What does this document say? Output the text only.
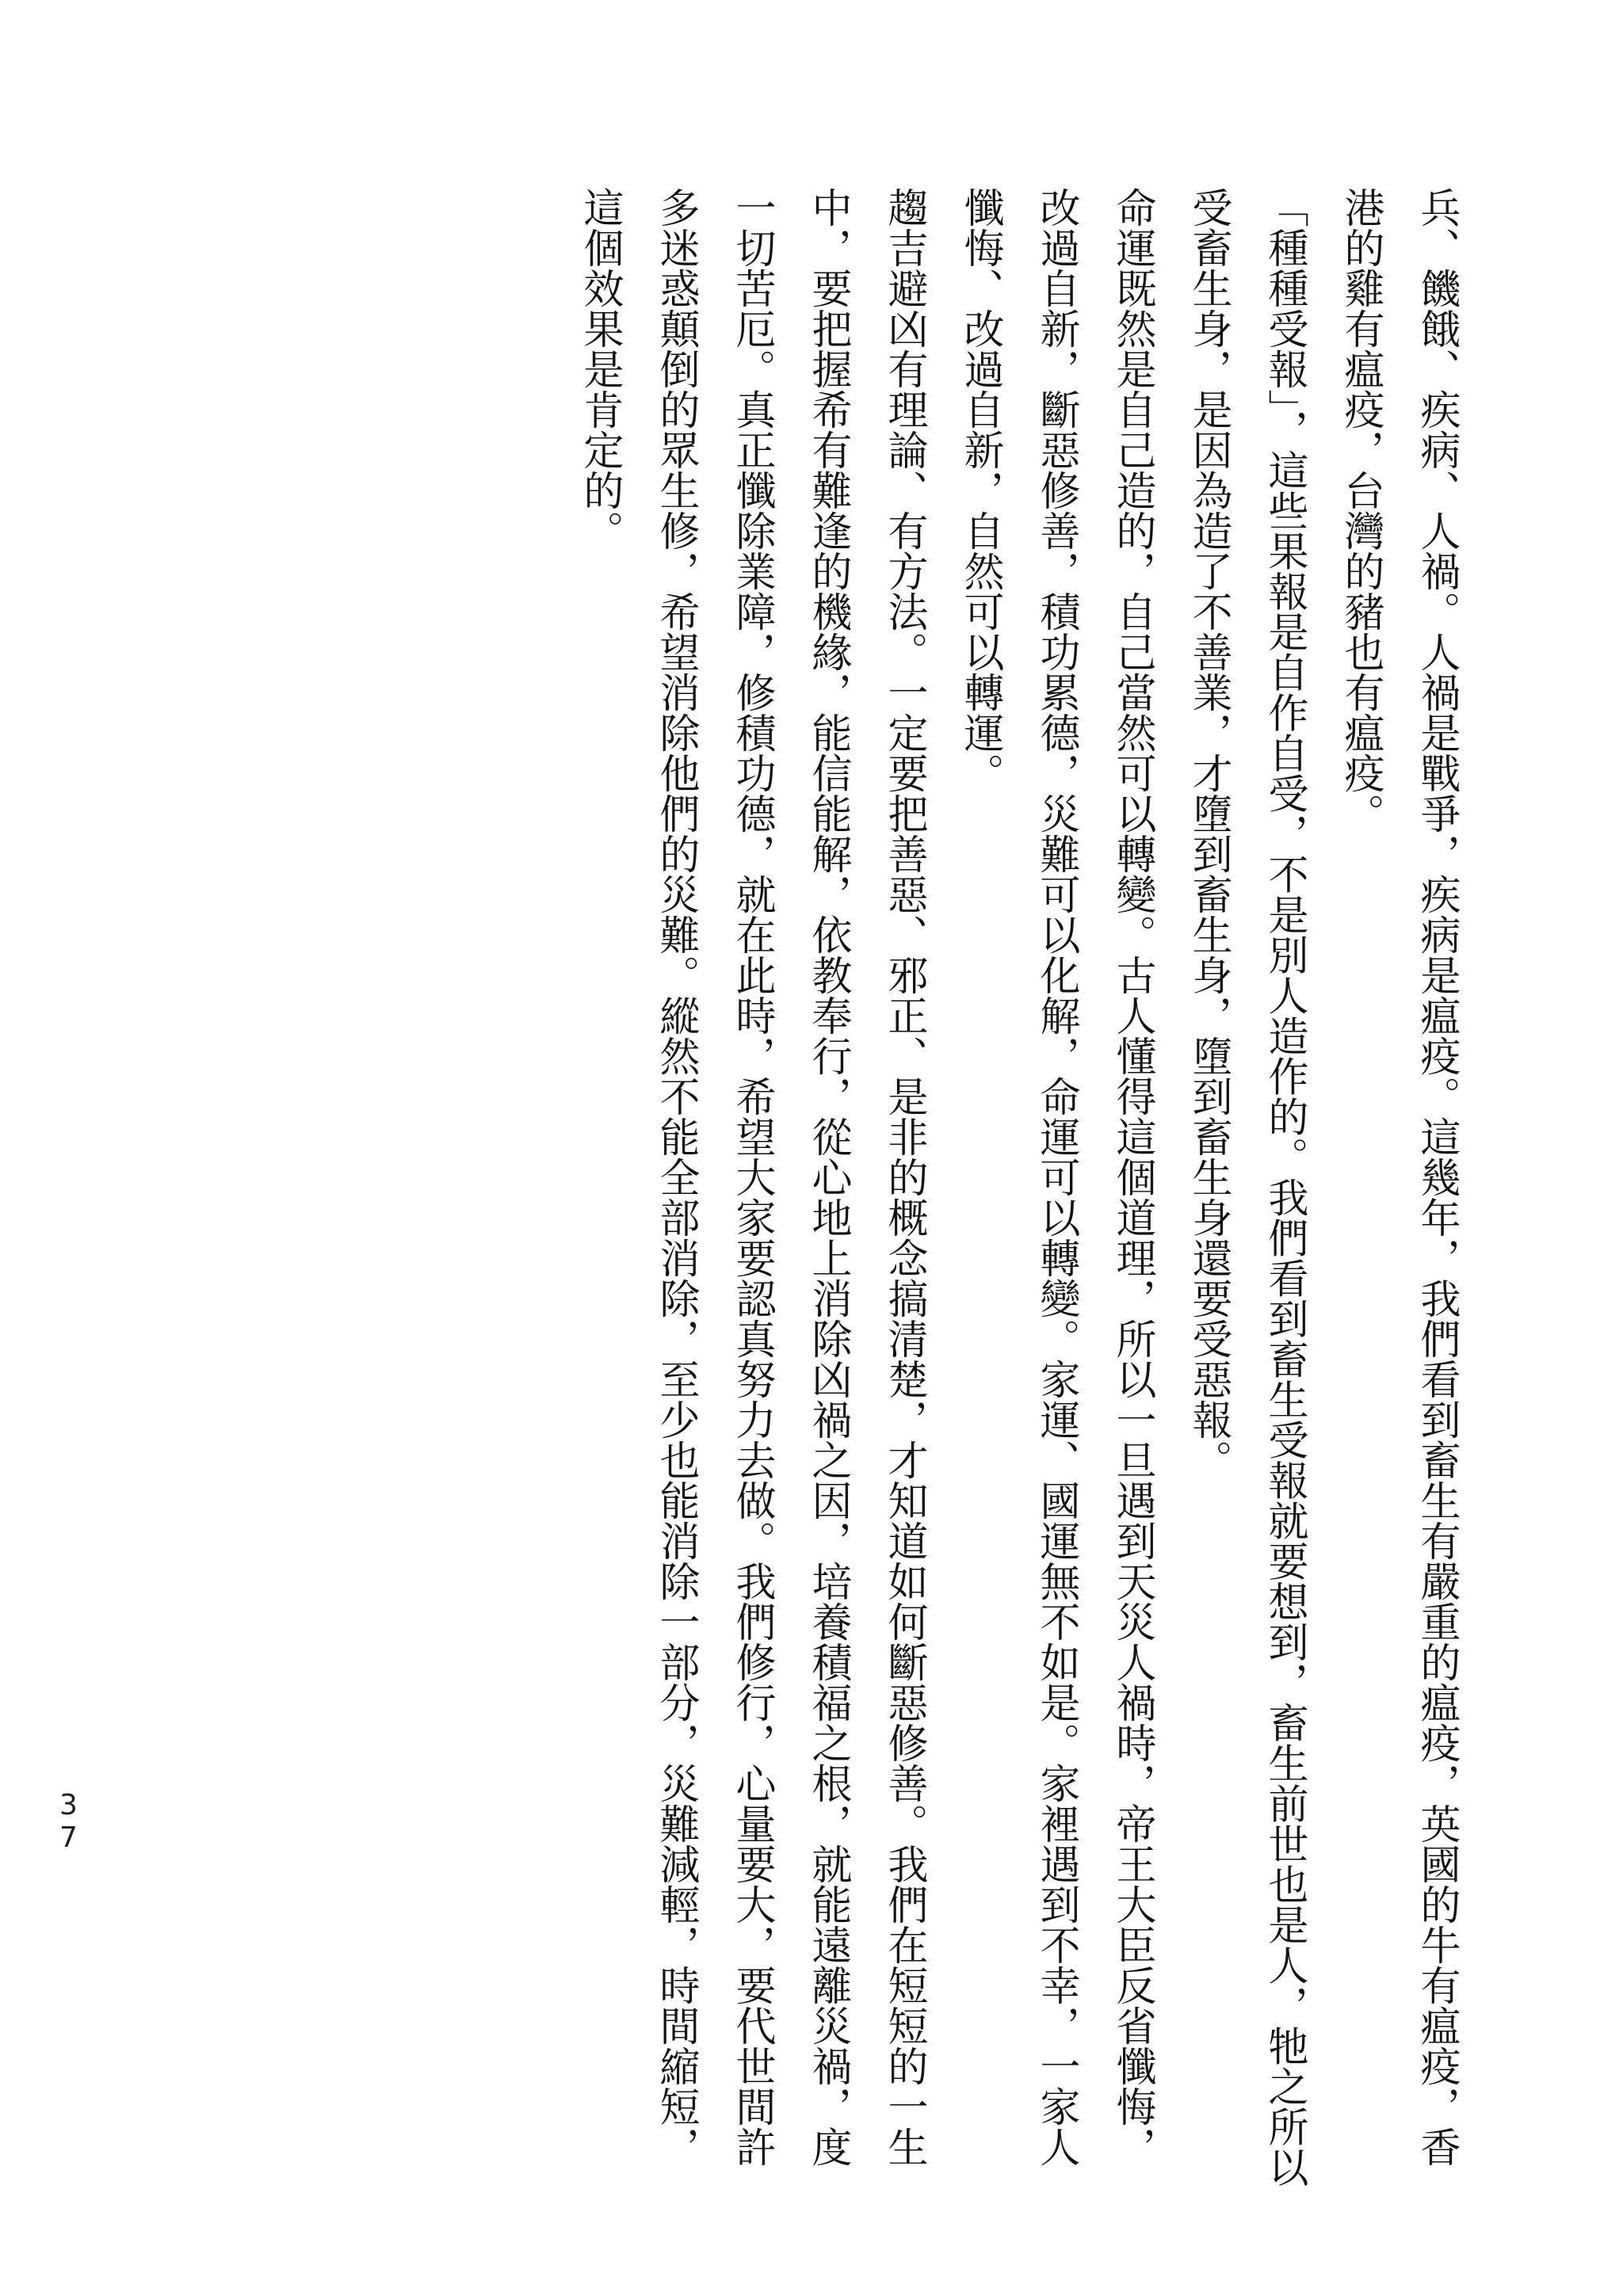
兵、饑餓、疾病、人禍。人禍是戰爭，疾病是瘟疫。這幾年，我們看到畜生有嚴重的瘟疫，英國的牛有瘟疫，香港的雞有瘟疫，台灣的豬也有瘟疫。

「種種受報」，這些果報是自作自受，不是別人造作的。我們看到畜生受報就要想到，畜生前世也是人，牠之所以受畜生身，是因為造了不善業，才墮到畜生身，墮到畜生身還要受惡報。

命運既然是自己造的，自己當然可以轉變。古人懂得這個道理，所以一旦遇到天災人禍時，帝王大臣反省懺悔，改過自新，斷惡修善，積功累德，災難可以化解，命運可以轉變。家運、國運無不如是。家裡遇到不幸，一家人懺悔、改過自新，自然可以轉運。

趨吉避凶有理論、有方法。一定要把善惡、邪正、是非的概念搞清楚，才知道如何斷惡修善。我們在短短的一生中，要把握希有難逢的機緣，能信能解，依教奉行，從心地上消除凶禍之因，培養積福之根，就能遠離災禍，度一切苦厄。真正懺除業障，修積功德，就在此時，希望大家要認真努力去做。我們修行，心量要大，要代世間許多迷惑顛倒的眾生修，希望消除他們的災難。縱然不能全部消除，至少也能消除一部分，災難減輕，時間縮短，這個效果是肯定的。

37
